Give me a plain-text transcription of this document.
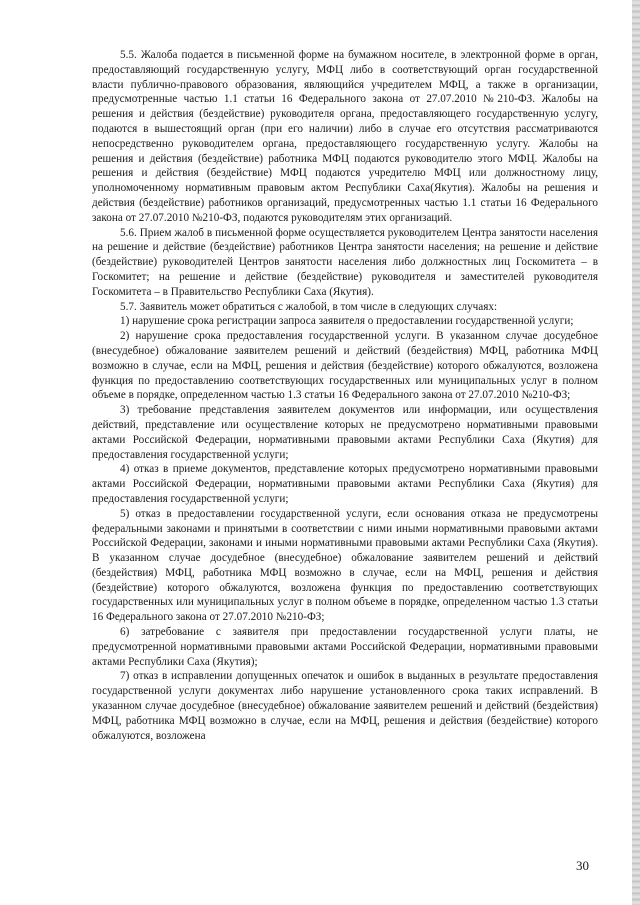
5.5. Жалоба подается в письменной форме на бумажном носителе, в электронной форме в орган, предоставляющий государственную услугу, МФЦ либо в соответствующий орган государственной власти публично-правового образования, являющийся учредителем МФЦ, а также в организации, предусмотренные частью 1.1 статьи 16 Федерального закона от 27.07.2010 №210-ФЗ. Жалобы на решения и действия (бездействие) руководителя органа, предоставляющего государственную услугу, подаются в вышестоящий орган (при его наличии) либо в случае его отсутствия рассматриваются непосредственно руководителем органа, предоставляющего государственную услугу. Жалобы на решения и действия (бездействие) работника МФЦ подаются руководителю этого МФЦ. Жалобы на решения и действия (бездействие) МФЦ подаются учредителю МФЦ или должностному лицу, уполномоченному нормативным правовым актом Республики Саха(Якутия). Жалобы на решения и действия (бездействие) работников организаций, предусмотренных частью 1.1 статьи 16 Федерального закона от 27.07.2010 №210-ФЗ, подаются руководителям этих организаций.

5.6. Прием жалоб в письменной форме осуществляется руководителем Центра занятости населения на решение и действие (бездействие) работников Центра занятости населения; на решение и действие (бездействие) руководителей Центров занятости населения либо должностных лиц Госкомитета – в Госкомитет; на решение и действие (бездействие) руководителя и заместителей руководителя Госкомитета – в Правительство Республики Саха (Якутия).

5.7. Заявитель может обратиться с жалобой, в том числе в следующих случаях:

1) нарушение срока регистрации запроса заявителя о предоставлении государственной услуги;

2) нарушение срока предоставления государственной услуги. В указанном случае досудебное (внесудебное) обжалование заявителем решений и действий (бездействия) МФЦ, работника МФЦ возможно в случае, если на МФЦ, решения и действия (бездействие) которого обжалуются, возложена функция по предоставлению соответствующих государственных или муниципальных услуг в полном объеме в порядке, определенном частью 1.3 статьи 16 Федерального закона от 27.07.2010 №210-ФЗ;

3) требование представления заявителем документов или информации, или осуществления действий, представление или осуществление которых не предусмотрено нормативными правовыми актами Российской Федерации, нормативными правовыми актами Республики Саха (Якутия) для предоставления государственной услуги;

4) отказ в приеме документов, представление которых предусмотрено нормативными правовыми актами Российской Федерации, нормативными правовыми актами Республики Саха (Якутия) для предоставления государственной услуги;

5) отказ в предоставлении государственной услуги, если основания отказа не предусмотрены федеральными законами и принятыми в соответствии с ними иными нормативными правовыми актами Российской Федерации, законами и иными нормативными правовыми актами Республики Саха (Якутия). В указанном случае досудебное (внесудебное) обжалование заявителем решений и действий (бездействия) МФЦ, работника МФЦ возможно в случае, если на МФЦ, решения и действия (бездействие) которого обжалуются, возложена функция по предоставлению соответствующих государственных или муниципальных услуг в полном объеме в порядке, определенном частью 1.3 статьи 16 Федерального закона от 27.07.2010 №210-ФЗ;

6) затребование с заявителя при предоставлении государственной услуги платы, не предусмотренной нормативными правовыми актами Российской Федерации, нормативными правовыми актами Республики Саха (Якутия);

7) отказ в исправлении допущенных опечаток и ошибок в выданных в результате предоставления государственной услуги документах либо нарушение установленного срока таких исправлений. В указанном случае досудебное (внесудебное) обжалование заявителем решений и действий (бездействия) МФЦ, работника МФЦ возможно в случае, если на МФЦ, решения и действия (бездействие) которого обжалуются, возложена

30
